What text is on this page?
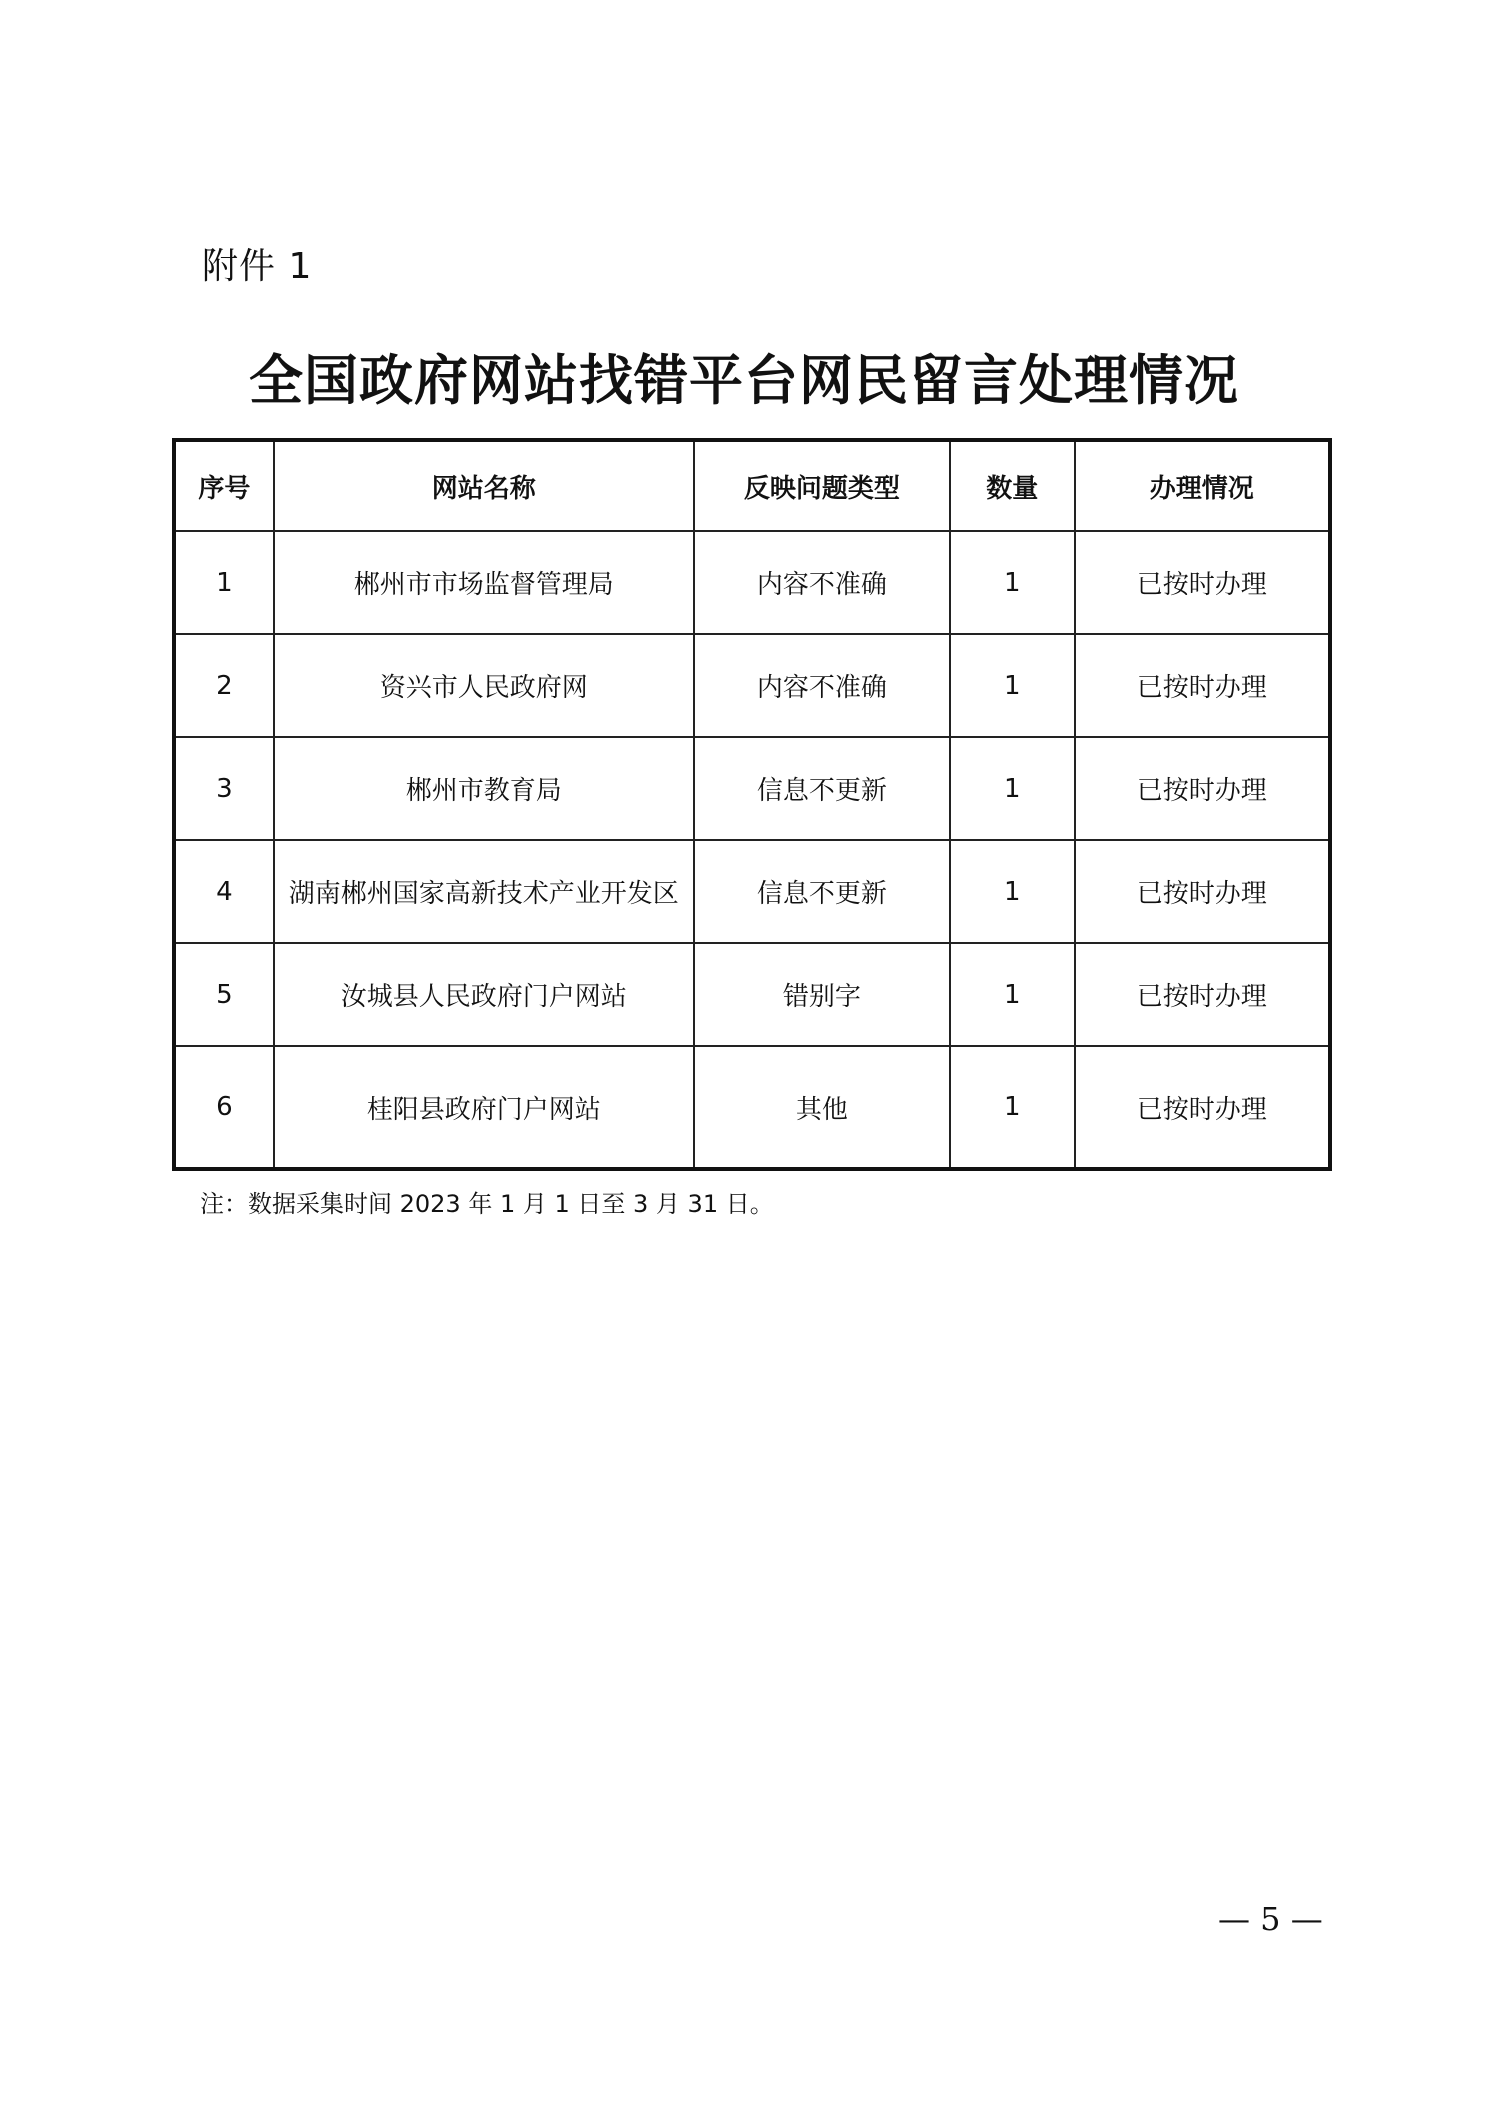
附件 1
全国政府网站找错平台网民留言处理情况
序号	网站名称	反映问题类型	数量	办理情况
1	郴州市市场监督管理局	内容不准确	1	已按时办理
2	资兴市人民政府网	内容不准确	1	已按时办理
3	郴州市教育局	信息不更新	1	已按时办理
4	湖南郴州国家高新技术产业开发区	信息不更新	1	已按时办理
5	汝城县人民政府门户网站	错别字	1	已按时办理
6	桂阳县政府门户网站	其他	1	已按时办理
注：数据采集时间 2023 年 1 月 1 日至 3 月 31 日。
— 5 —
